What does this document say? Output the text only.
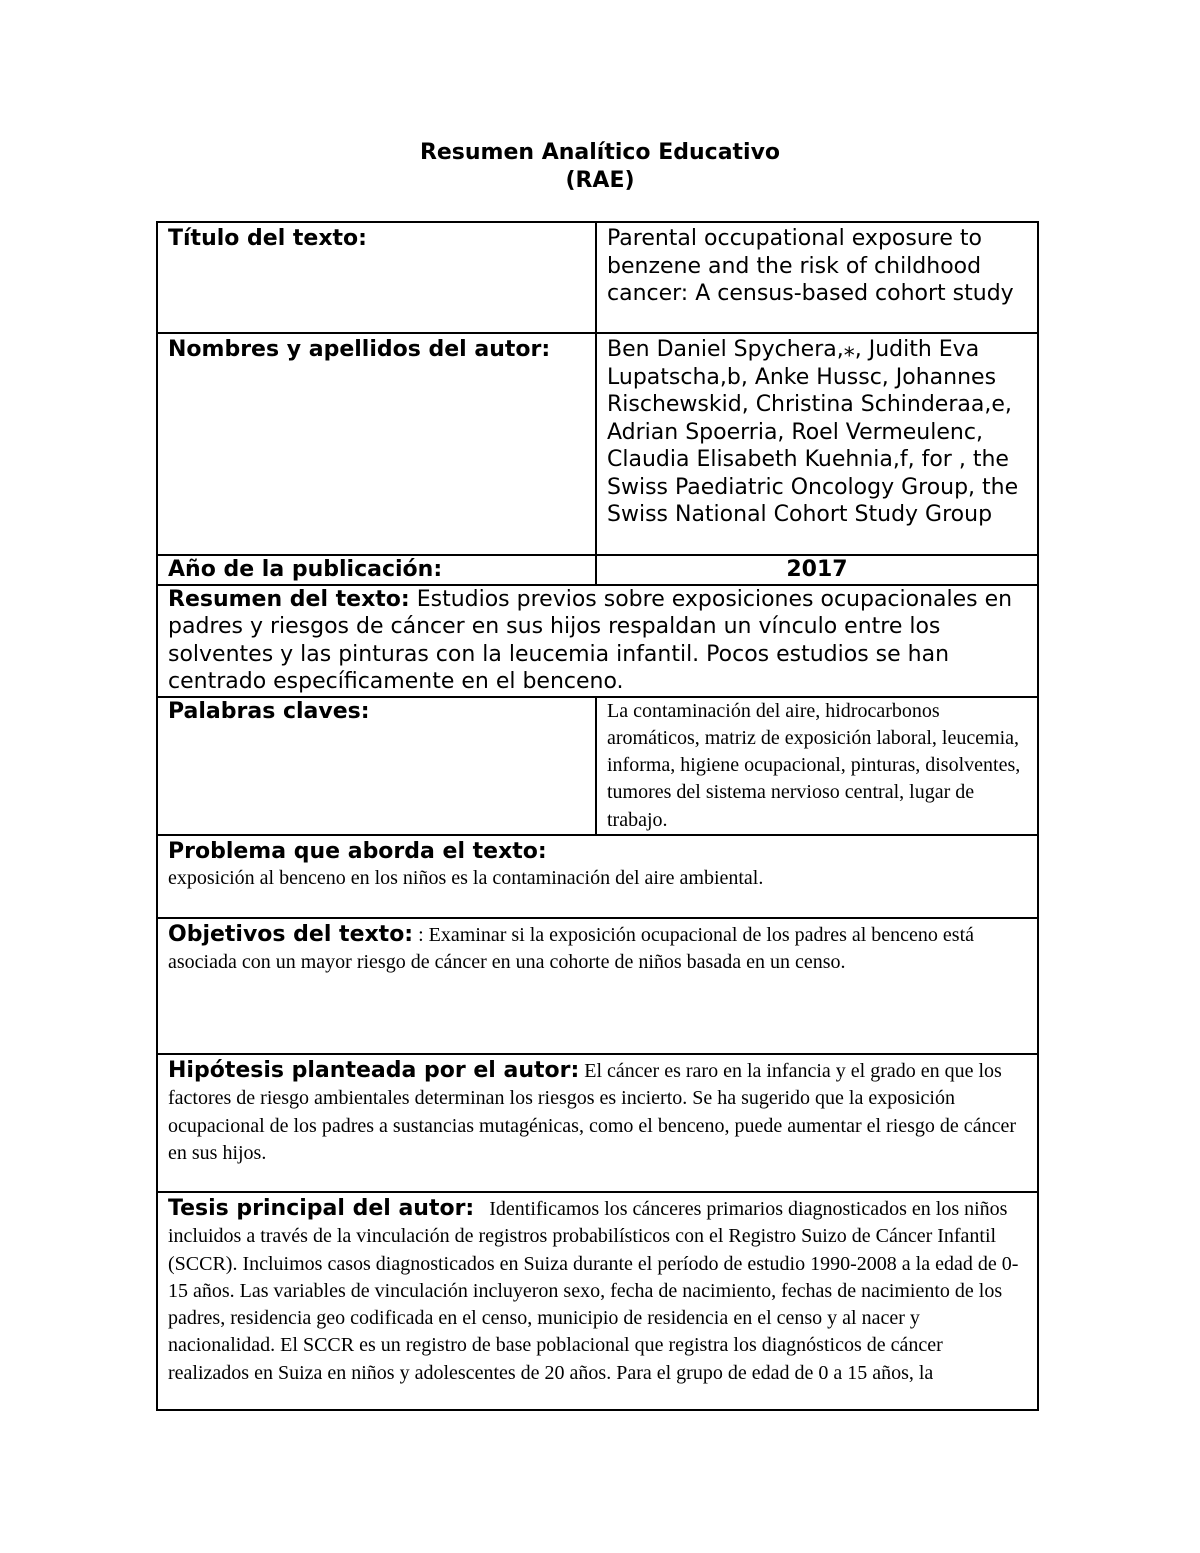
Resumen Analítico Educativo
(RAE)
Título del texto:	Parental occupational exposure to benzene and the risk of childhood cancer: A census-based cohort study
Nombres y apellidos del autor:	Ben Daniel Spychera,⁎, Judith Eva Lupatscha,b, Anke Hussc, Johannes Rischewskid, Christina Schinderaa,e, Adrian Spoerria, Roel Vermeulenc, Claudia Elisabeth Kuehnia,f, for , the Swiss Paediatric Oncology Group, the Swiss National Cohort Study Group
Año de la publicación:	2017
Resumen del texto: Estudios previos sobre exposiciones ocupacionales en padres y riesgos de cáncer en sus hijos respaldan un vínculo entre los solventes y las pinturas con la leucemia infantil. Pocos estudios se han centrado específicamente en el benceno.	
Palabras claves:	La contaminación del aire, hidrocarbonos aromáticos, matriz de exposición laboral, leucemia, informa, higiene ocupacional, pinturas, disolventes, tumores del sistema nervioso central, lugar de trabajo.

Problema que aborda el texto:
exposición al benceno en los niños es la contaminación del aire ambiental.	

Objetivos del texto: : Examinar si la exposición ocupacional de los padres al benceno está asociada con un mayor riesgo de cáncer en una cohorte de niños basada en un censo.	
Hipótesis planteada por el autor: El cáncer es raro en la infancia y el grado en que los factores de riesgo ambientales determinan los riesgos es incierto. Se ha sugerido que la exposición ocupacional de los padres a sustancias mutagénicas, como el benceno, puede aumentar el riesgo de cáncer en sus hijos.	
Tesis principal del autor:   Identificamos los cánceres primarios diagnosticados en los niños incluidos a través de la vinculación de registros probabilísticos con el Registro Suizo de Cáncer Infantil (SCCR). Incluimos casos diagnosticados en Suiza durante el período de estudio 1990-2008 a la edad de 0-15 años. Las variables de vinculación incluyeron sexo, fecha de nacimiento, fechas de nacimiento de los padres, residencia geo codificada en el censo, municipio de residencia en el censo y al nacer y nacionalidad. El SCCR es un registro de base poblacional que registra los diagnósticos de cáncer realizados en Suiza en niños y adolescentes de 20 años. Para el grupo de edad de 0 a 15 años, la	
